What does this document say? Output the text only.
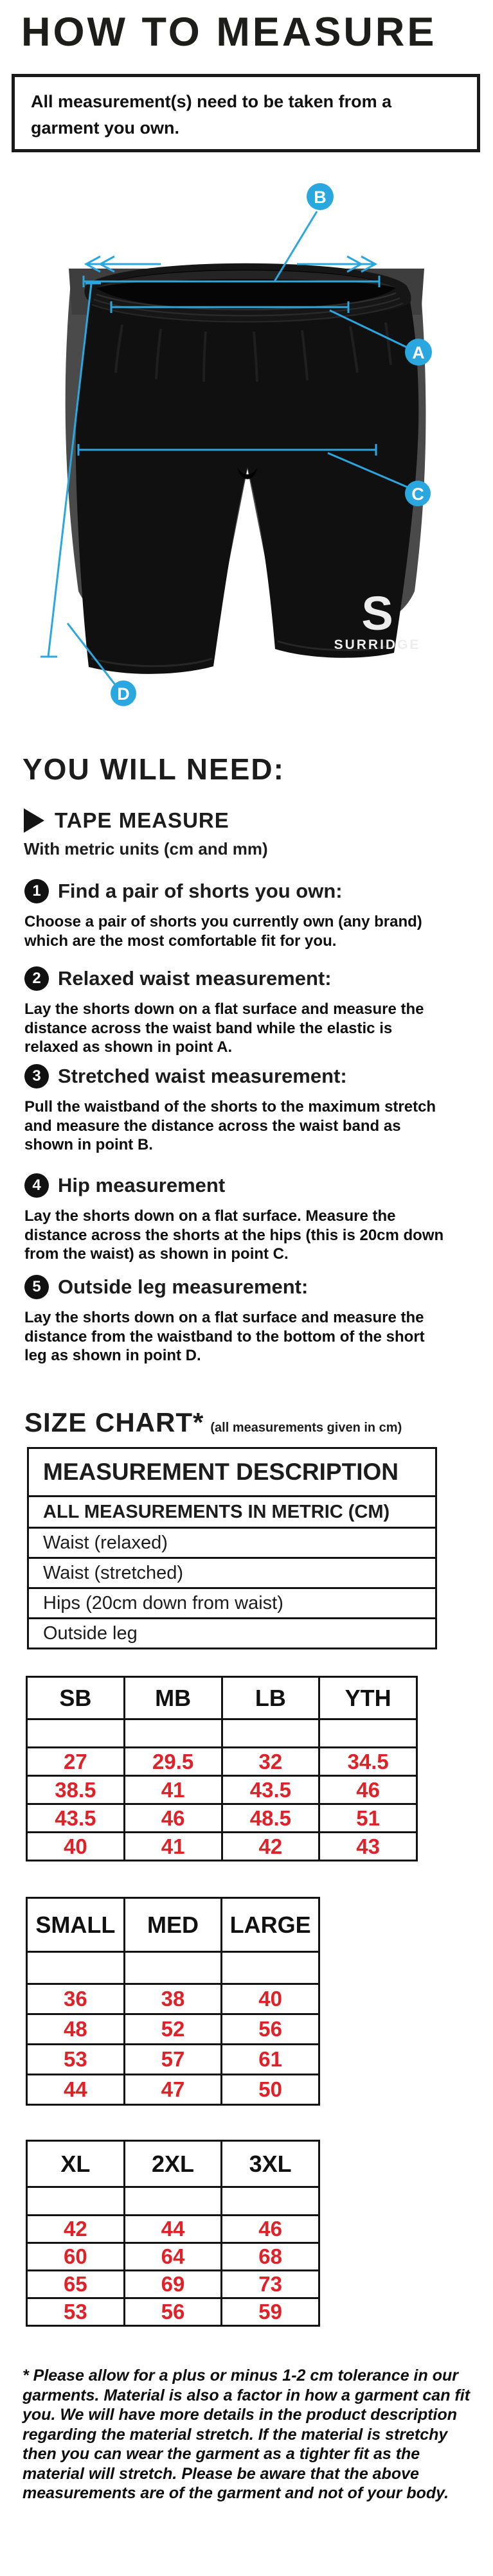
HOW TO MEASURE
All measurement(s) need to be taken from a garment you own.
S
SURRIDGE
B
A
C
D
YOU WILL NEED:
TAPE MEASURE
With metric units (cm and mm)
1 Find a pair of shorts you own:
Choose a pair of shorts you currently own (any brand) which are the most comfortable fit for you.
2 Relaxed waist measurement:
Lay the shorts down on a flat surface and measure the distance across the waist band while the elastic is relaxed as shown in point A.
3 Stretched waist measurement:
Pull the waistband of the shorts to the maximum stretch and measure the distance across the waist band as shown in point B.
4 Hip measurement
Lay the shorts down on a flat surface. Measure the distance across the shorts at the hips (this is 20cm down from the waist) as shown in point C.
5 Outside leg measurement:
Lay the shorts down on a flat surface and measure the distance from the waistband to the bottom of the short leg as shown in point D.
SIZE CHART* (all measurements given in cm)
MEASUREMENT DESCRIPTION
ALL MEASUREMENTS IN METRIC (CM)
Waist (relaxed)
Waist (stretched)
Hips (20cm down from waist)
Outside leg
SB	MB	LB	YTH

27	29.5	32	34.5
38.5	41	43.5	46
43.5	46	48.5	51
40	41	42	43
SMALL	MED	LARGE

36	38	40
48	52	56
53	57	61
44	47	50
XL	2XL	3XL

42	44	46
60	64	68
65	69	73
53	56	59
* Please allow for a plus or minus 1-2 cm tolerance in our garments. Material is also a factor in how a garment can fit you. We will have more details in the product description regarding the material stretch. If the material is stretchy then you can wear the garment as a tighter fit as the material will stretch. Please be aware that the above measurements are of the garment and not of your body.
